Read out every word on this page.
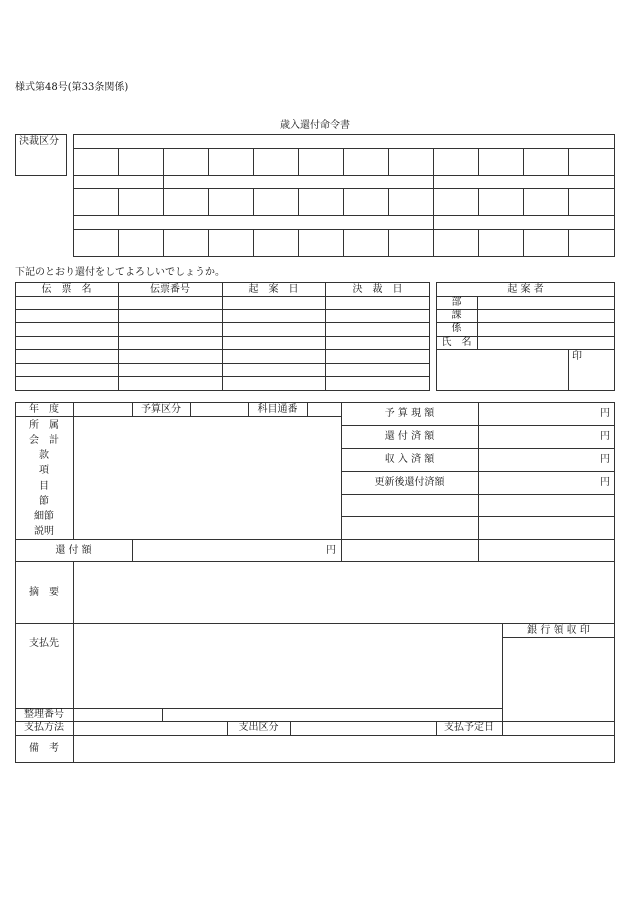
様式第48号(第33条関係)
歳入還付命令書
決裁区分
下記のとおり還付をしてよろしいでしょうか。
伝　票　名	伝票番号	起　案　日	決　裁　日	起 案 者
部
課
係
氏　名
印
年　度	予算区分	科目通番
所　属
会　計
款
項
目
節
細節
説明
予 算 現 額	円
還 付 済 額	円
収 入 済 額	円
更新後還付済額	円
還 付 額	円
摘　要
支払先
銀 行 領 収 印
整理番号
支払方法	支出区分	支払予定日
備　考
